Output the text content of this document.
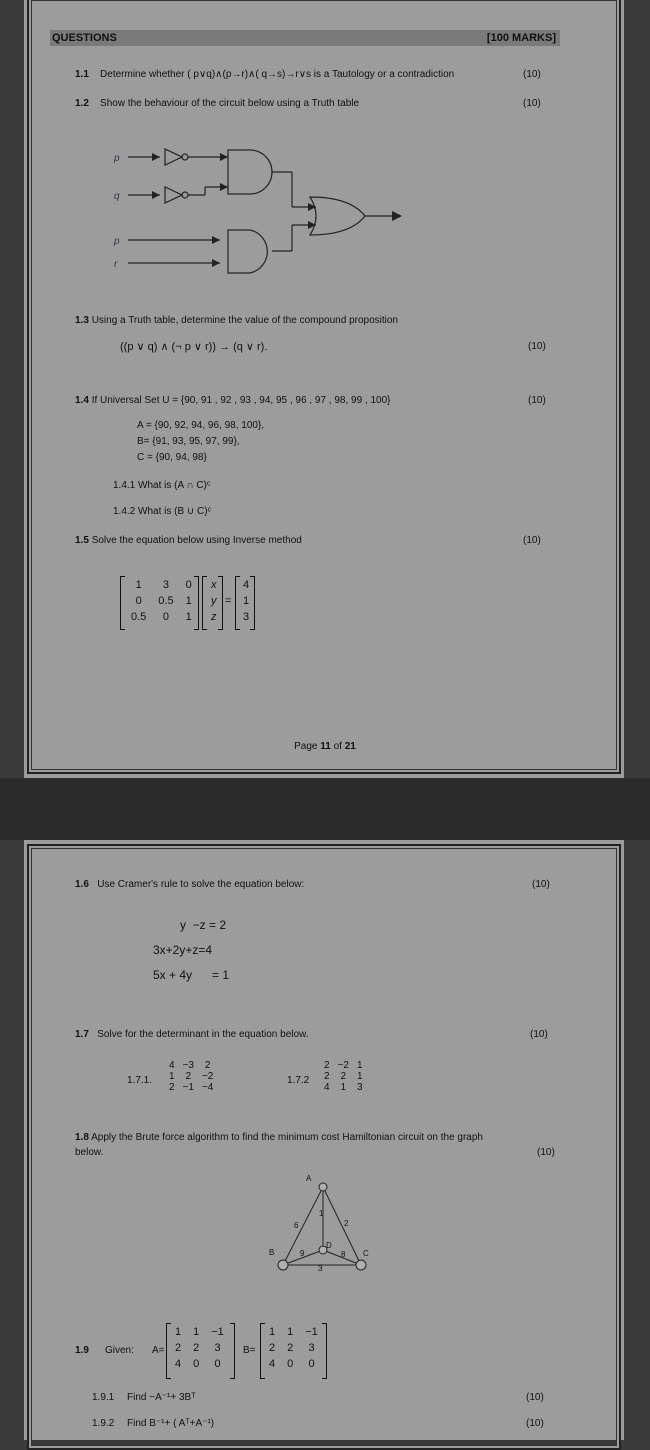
QUESTIONS	[100 MARKS]
1.1 Determine whether ( p∨q)∧(p→r)∧( q→s)→r∨s is a Tautology or a contradiction	(10)
1.2 Show the behaviour of the circuit below using a Truth table	(10)
p
q
p
r
1.3 Using a Truth table, determine the value of the compound proposition
((p ∨ q) ∧ (¬ p ∨ r)) → (q ∨ r).	(10)
1.4 If Universal Set U = {90, 91 , 92 , 93 , 94, 95 , 96 , 97 , 98, 99 , 100}	(10)
A = {90, 92, 94, 96, 98, 100},
B= {91, 93, 95, 97, 99},
C = {90, 94, 98}
1.4.1 What is (A ∩ C)ᶜ
1.4.2 What is (B ∪ C)ᶜ
1.5 Solve the equation below using Inverse method	(10)
1	3	0
0	0.5	1
0.5	0	1
x
y
z
=
4
1
3
Page 11 of 21
1.6 Use Cramer's rule to solve the equation below:	(10)
y  −z = 2
3x+2y+z=4
5x + 4y      = 1
1.7 Solve for the determinant in the equation below.	(10)
1.7.1.
4	−3	2
1	2	−2
2	−1	−4
1.7.2
2	−2	1
2	2	1
4	1	3
1.8 Apply the Brute force algorithm to find the minimum cost Hamiltonian circuit on the graph
below.	(10)
A
B	C
D
1
6	2
9	8
3
1.9 Given: A=
1	1	−1
2	2	3
4	0	0
B=
1	1	−1
2	2	3
4	0	0
1.9.1 Find −A⁻¹+ 3Bᵀ	(10)
1.9.2 Find B⁻¹+ ( Aᵀ+A⁻¹)	(10)
